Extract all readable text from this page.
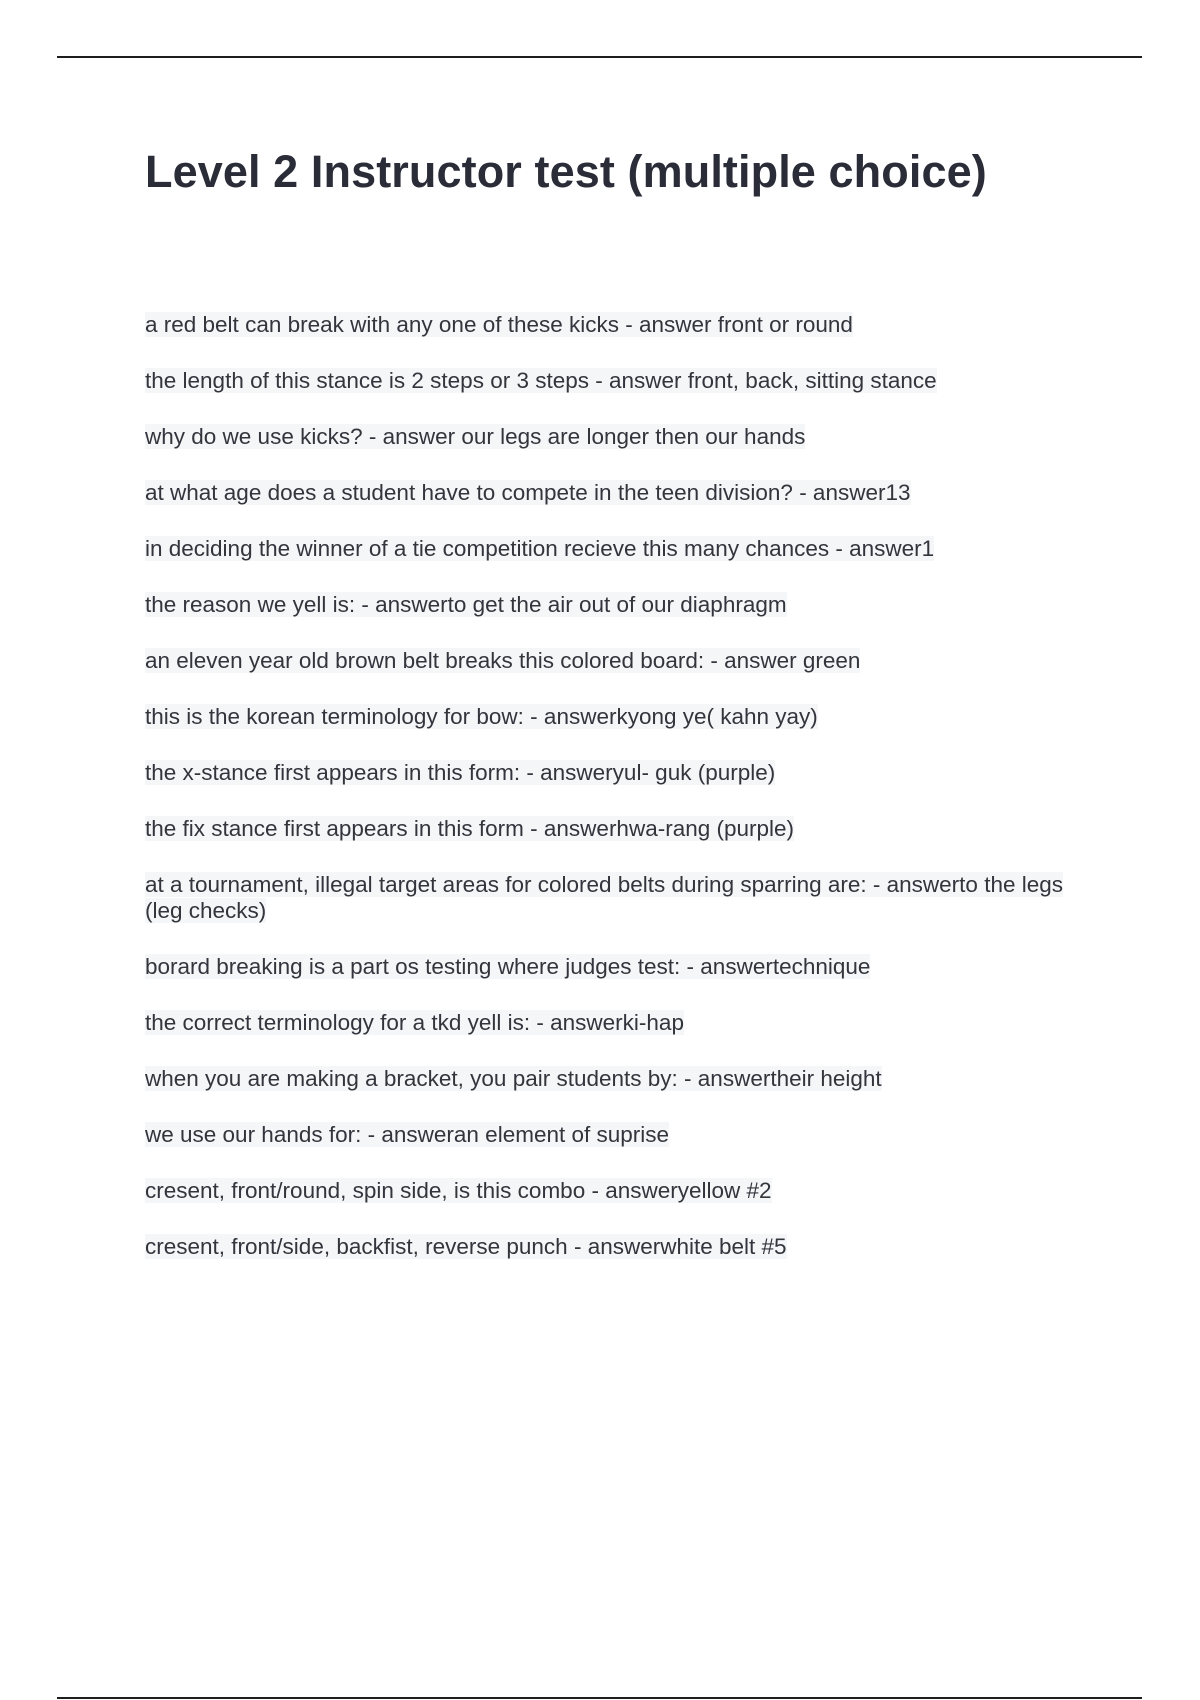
Level 2 Instructor test (multiple choice)
a red belt can break with any one of these kicks - answer front or round
the length of this stance is 2 steps or 3 steps - answer front, back, sitting stance
why do we use kicks? - answer our legs are longer then our hands
at what age does a student have to compete in the teen division? - answer13
in deciding the winner of a tie competition recieve this many chances - answer1
the reason we yell is: - answerto get the air out of our diaphragm
an eleven year old brown belt breaks this colored board: - answer green
this is the korean terminology for bow: - answerkyong ye( kahn yay)
the x-stance first appears in this form: - answeryul- guk (purple)
the fix stance first appears in this form - answerhwa-rang (purple)
at a tournament, illegal target areas for colored belts during sparring are: - answerto the legs (leg checks)
borard breaking is a part os testing where judges test: - answertechnique
the correct terminology for a tkd yell is: - answerki-hap
when you are making a bracket, you pair students by: - answertheir height
we use our hands for: - answeran element of suprise
cresent, front/round, spin side, is this combo - answeryellow #2
cresent, front/side, backfist, reverse punch - answerwhite belt #5
